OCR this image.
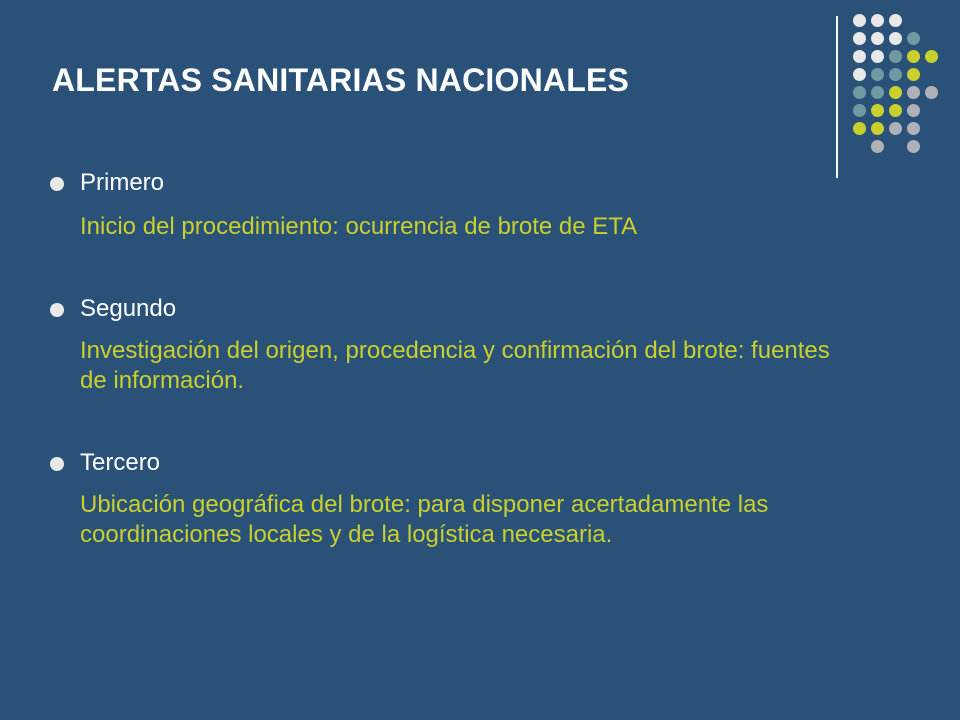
ALERTAS SANITARIAS NACIONALES
Primero
Inicio del procedimiento: ocurrencia de brote de ETA
Segundo
Investigación del origen, procedencia y confirmación del brote: fuentes de información.
Tercero
Ubicación geográfica del brote: para disponer acertadamente las coordinaciones locales y de la logística necesaria.
